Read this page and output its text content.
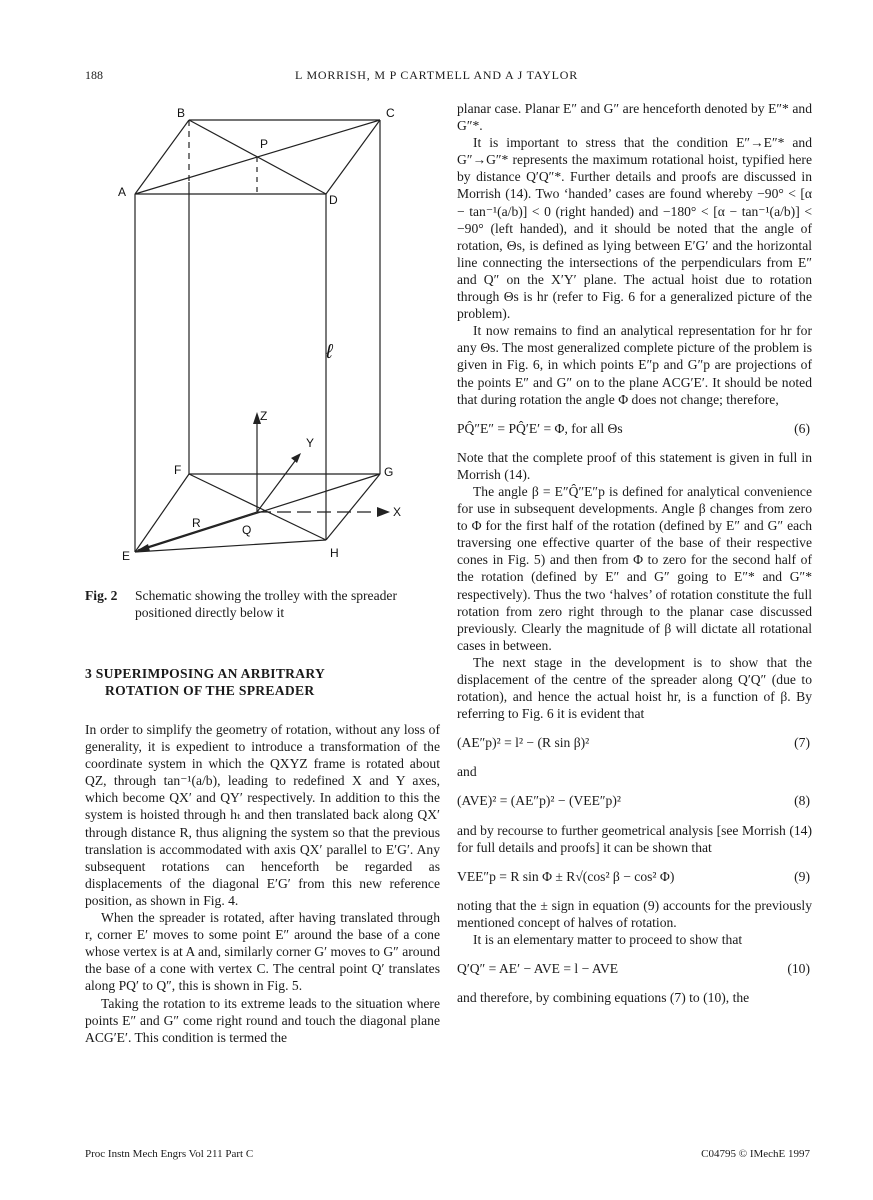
188	L MORRISH, M P CARTMELL AND A J TAYLOR
B	C
A
D
P
F	G
E	H
Z
Y
X
Q
R
ℓ
Fig. 2 Schematic showing the trolley with the spreader
positioned directly below it
3 SUPERIMPOSING AN ARBITRARY
ROTATION OF THE SPREADER

In order to simplify the geometry of rotation, without any loss of generality, it is expedient to introduce a transformation of the coordinate system in which the QXYZ frame is rotated about QZ, through tan⁻¹(a/b), leading to redefined X and Y axes, which become QX′ and QY′ respectively. In addition to this the system is hoisted through hₜ and then translated back along QX′ through distance R, thus aligning the system so that the previous translation is accommodated with axis QX′ parallel to E′G′. Any subsequent rotations can henceforth be regarded as displacements of the diagonal E′G′ from this new reference position, as shown in Fig. 4.

When the spreader is rotated, after having translated through r, corner E′ moves to some point E″ around the base of a cone whose vertex is at A and, similarly corner G′ moves to G″ around the base of a cone with vertex C. The central point Q′ translates along PQ′ to Q″, this is shown in Fig. 5.

Taking the rotation to its extreme leads to the situation where points E″ and G″ come right round and touch the diagonal plane ACG′E′. This condition is termed the

planar case. Planar E″ and G″ are henceforth denoted by E″* and G″*.

It is important to stress that the condition E″→E″* and G″→G″* represents the maximum rotational hoist, typified here by distance Q′Q″*. Further details and proofs are discussed in Morrish (14). Two ‘handed’ cases are found whereby −90° < [α − tan⁻¹(a/b)] < 0 (right handed) and −180° < [α − tan⁻¹(a/b)] < −90° (left handed), and it should be noted that the angle of rotation, Θs, is defined as lying between E′G′ and the horizontal line connecting the intersections of the perpendiculars from E″ and Q″ on the X′Y′ plane. The actual hoist due to rotation through Θs is hr (refer to Fig. 6 for a generalized picture of the problem).

It now remains to find an analytical representation for hr for any Θs. The most generalized complete picture of the problem is given in Fig. 6, in which points E″p and G″p are projections of the points E″ and G″ on to the plane ACG′E′. It should be noted that during rotation the angle Φ does not change; therefore,

PQ̂″E″ = PQ̂′E′ = Φ, for all Θs	(6)

Note that the complete proof of this statement is given in full in Morrish (14).

The angle β = E″Q̂″E″p is defined for analytical convenience for use in subsequent developments. Angle β changes from zero to Φ for the first half of the rotation (defined by E″ and G″ each traversing one effective quarter of the base of their respective cones in Fig. 5) and then from Φ to zero for the second half of the rotation (defined by E″ and G″ going to E″* and G″* respectively). Thus the two ‘halves’ of rotation constitute the full rotation from zero right through to the planar case discussed previously. Clearly the magnitude of β will dictate all rotational cases in between.

The next stage in the development is to show that the displacement of the centre of the spreader along Q′Q″ (due to rotation), and hence the actual hoist hr, is a function of β. By referring to Fig. 6 it is evident that

(AE″p)² = l² − (R sin β)²	(7)

and

(AVE)² = (AE″p)² − (VEE″p)²	(8)

and by recourse to further geometrical analysis [see Morrish (14) for full details and proofs] it can be shown that

VEE″p = R sin Φ ± R√(cos² β − cos² Φ)	(9)

noting that the ± sign in equation (9) accounts for the previously mentioned concept of halves of rotation.

It is an elementary matter to proceed to show that

Q′Q″ = AE′ − AVE = l − AVE	(10)

and therefore, by combining equations (7) to (10), the

Proc Instn Mech Engrs Vol 211 Part C	C04795 © IMechE 1997
